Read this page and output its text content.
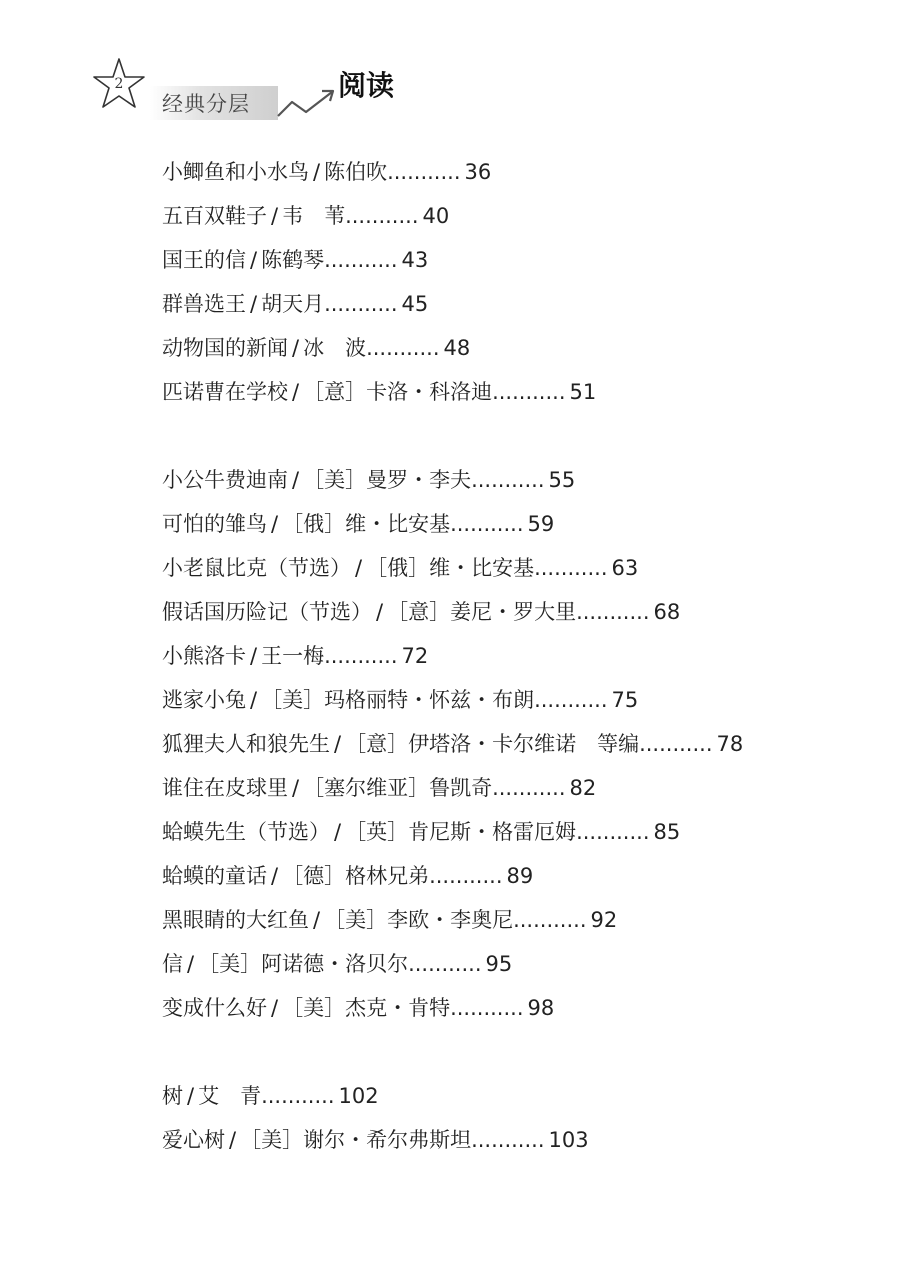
2
经典分层
阅读
小鲫鱼和小水鸟 / 陈伯吹........... 36
五百双鞋子 / 韦　苇........... 40
国王的信 / 陈鹤琴........... 43
群兽选王 / 胡天月........... 45
动物国的新闻 / 冰　波........... 48
匹诺曹在学校 / ［意］卡洛・科洛迪........... 51
小公牛费迪南 / ［美］曼罗・李夫........... 55
可怕的雏鸟 / ［俄］维・比安基........... 59
小老鼠比克（节选） / ［俄］维・比安基........... 63
假话国历险记（节选） / ［意］姜尼・罗大里........... 68
小熊洛卡 / 王一梅........... 72
逃家小兔 / ［美］玛格丽特・怀兹・布朗........... 75
狐狸夫人和狼先生 / ［意］伊塔洛・卡尔维诺　等编........... 78
谁住在皮球里 / ［塞尔维亚］鲁凯奇........... 82
蛤蟆先生（节选） / ［英］肯尼斯・格雷厄姆........... 85
蛤蟆的童话 / ［德］格林兄弟........... 89
黑眼睛的大红鱼 / ［美］李欧・李奥尼........... 92
信 / ［美］阿诺德・洛贝尔........... 95
变成什么好 / ［美］杰克・肯特........... 98
树 / 艾　青........... 102
爱心树 / ［美］谢尔・希尔弗斯坦........... 103
